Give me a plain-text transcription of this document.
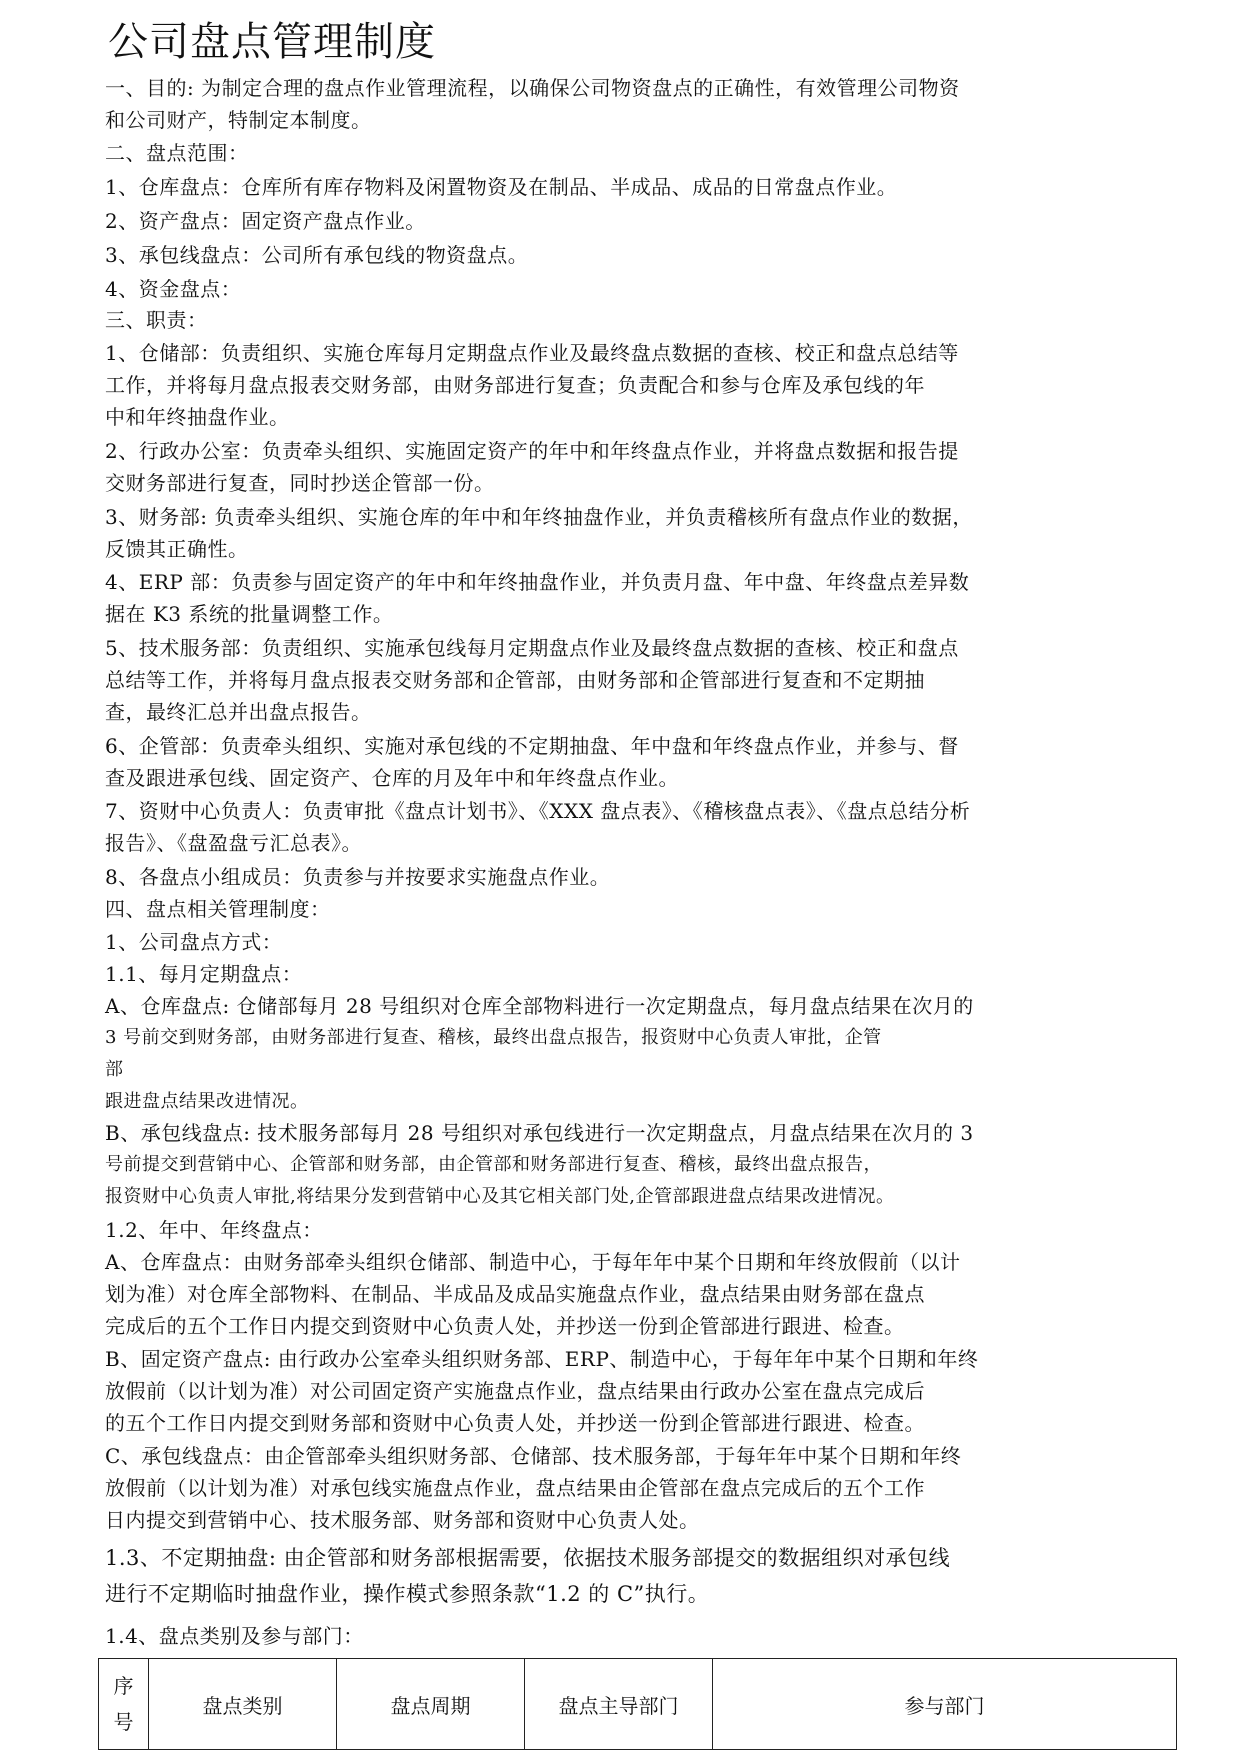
公司盘点管理制度

一、目的: 为制定合理的盘点作业管理流程，以确保公司物资盘点的正确性，有效管理公司物资
和公司财产，特制定本制度。

二、盘点范围：

1、仓库盘点：仓库所有库存物料及闲置物资及在制品、半成品、成品的日常盘点作业。

2、资产盘点：固定资产盘点作业。

3、承包线盘点：公司所有承包线的物资盘点。

4、资金盘点：

三、职责：

1、仓储部：负责组织、实施仓库每月定期盘点作业及最终盘点数据的查核、校正和盘点总结等
工作，并将每月盘点报表交财务部，由财务部进行复查；负责配合和参与仓库及承包线的年
中和年终抽盘作业。

2、行政办公室：负责牵头组织、实施固定资产的年中和年终盘点作业，并将盘点数据和报告提
交财务部进行复查，同时抄送企管部一份。

3、财务部: 负责牵头组织、实施仓库的年中和年终抽盘作业，并负责稽核所有盘点作业的数据，
反馈其正确性。

4、ERP 部：负责参与固定资产的年中和年终抽盘作业，并负责月盘、年中盘、年终盘点差异数
据在 K3 系统的批量调整工作。

5、技术服务部：负责组织、实施承包线每月定期盘点作业及最终盘点数据的查核、校正和盘点
总结等工作，并将每月盘点报表交财务部和企管部，由财务部和企管部进行复查和不定期抽
查，最终汇总并出盘点报告。

6、企管部：负责牵头组织、实施对承包线的不定期抽盘、年中盘和年终盘点作业，并参与、督
查及跟进承包线、固定资产、仓库的月及年中和年终盘点作业。

7、资财中心负责人：负责审批《盘点计划书》、《XXX 盘点表》、《稽核盘点表》、《盘点总结分析
报告》、《盘盈盘亏汇总表》。

8、各盘点小组成员：负责参与并按要求实施盘点作业。

四、盘点相关管理制度：

1、公司盘点方式：

1.1、每月定期盘点：

A、仓库盘点: 仓储部每月 28 号组织对仓库全部物料进行一次定期盘点，每月盘点结果在次月的
3 号前交到财务部，由财务部进行复查、稽核，最终出盘点报告，报资财中心负责人审批，企管
部
跟进盘点结果改进情况。

B、承包线盘点: 技术服务部每月 28 号组织对承包线进行一次定期盘点，月盘点结果在次月的 3
号前提交到营销中心、企管部和财务部，由企管部和财务部进行复查、稽核，最终出盘点报告，
报资财中心负责人审批,将结果分发到营销中心及其它相关部门处,企管部跟进盘点结果改进情况。

1.2、年中、年终盘点：

A、仓库盘点：由财务部牵头组织仓储部、制造中心，于每年年中某个日期和年终放假前（以计
划为准）对仓库全部物料、在制品、半成品及成品实施盘点作业，盘点结果由财务部在盘点
完成后的五个工作日内提交到资财中心负责人处，并抄送一份到企管部进行跟进、检查。

B、固定资产盘点: 由行政办公室牵头组织财务部、ERP、制造中心，于每年年中某个日期和年终
放假前（以计划为准）对公司固定资产实施盘点作业，盘点结果由行政办公室在盘点完成后
的五个工作日内提交到财务部和资财中心负责人处，并抄送一份到企管部进行跟进、检查。

C、承包线盘点：由企管部牵头组织财务部、仓储部、技术服务部，于每年年中某个日期和年终
放假前（以计划为准）对承包线实施盘点作业，盘点结果由企管部在盘点完成后的五个工作
日内提交到营销中心、技术服务部、财务部和资财中心负责人处。

1.3、不定期抽盘: 由企管部和财务部根据需要，依据技术服务部提交的数据组织对承包线
进行不定期临时抽盘作业，操作模式参照条款“1.2 的 C”执行。

1.4、盘点类别及参与部门：

序
号
	盘点类别	盘点周期	盘点主导部门	参与部门
